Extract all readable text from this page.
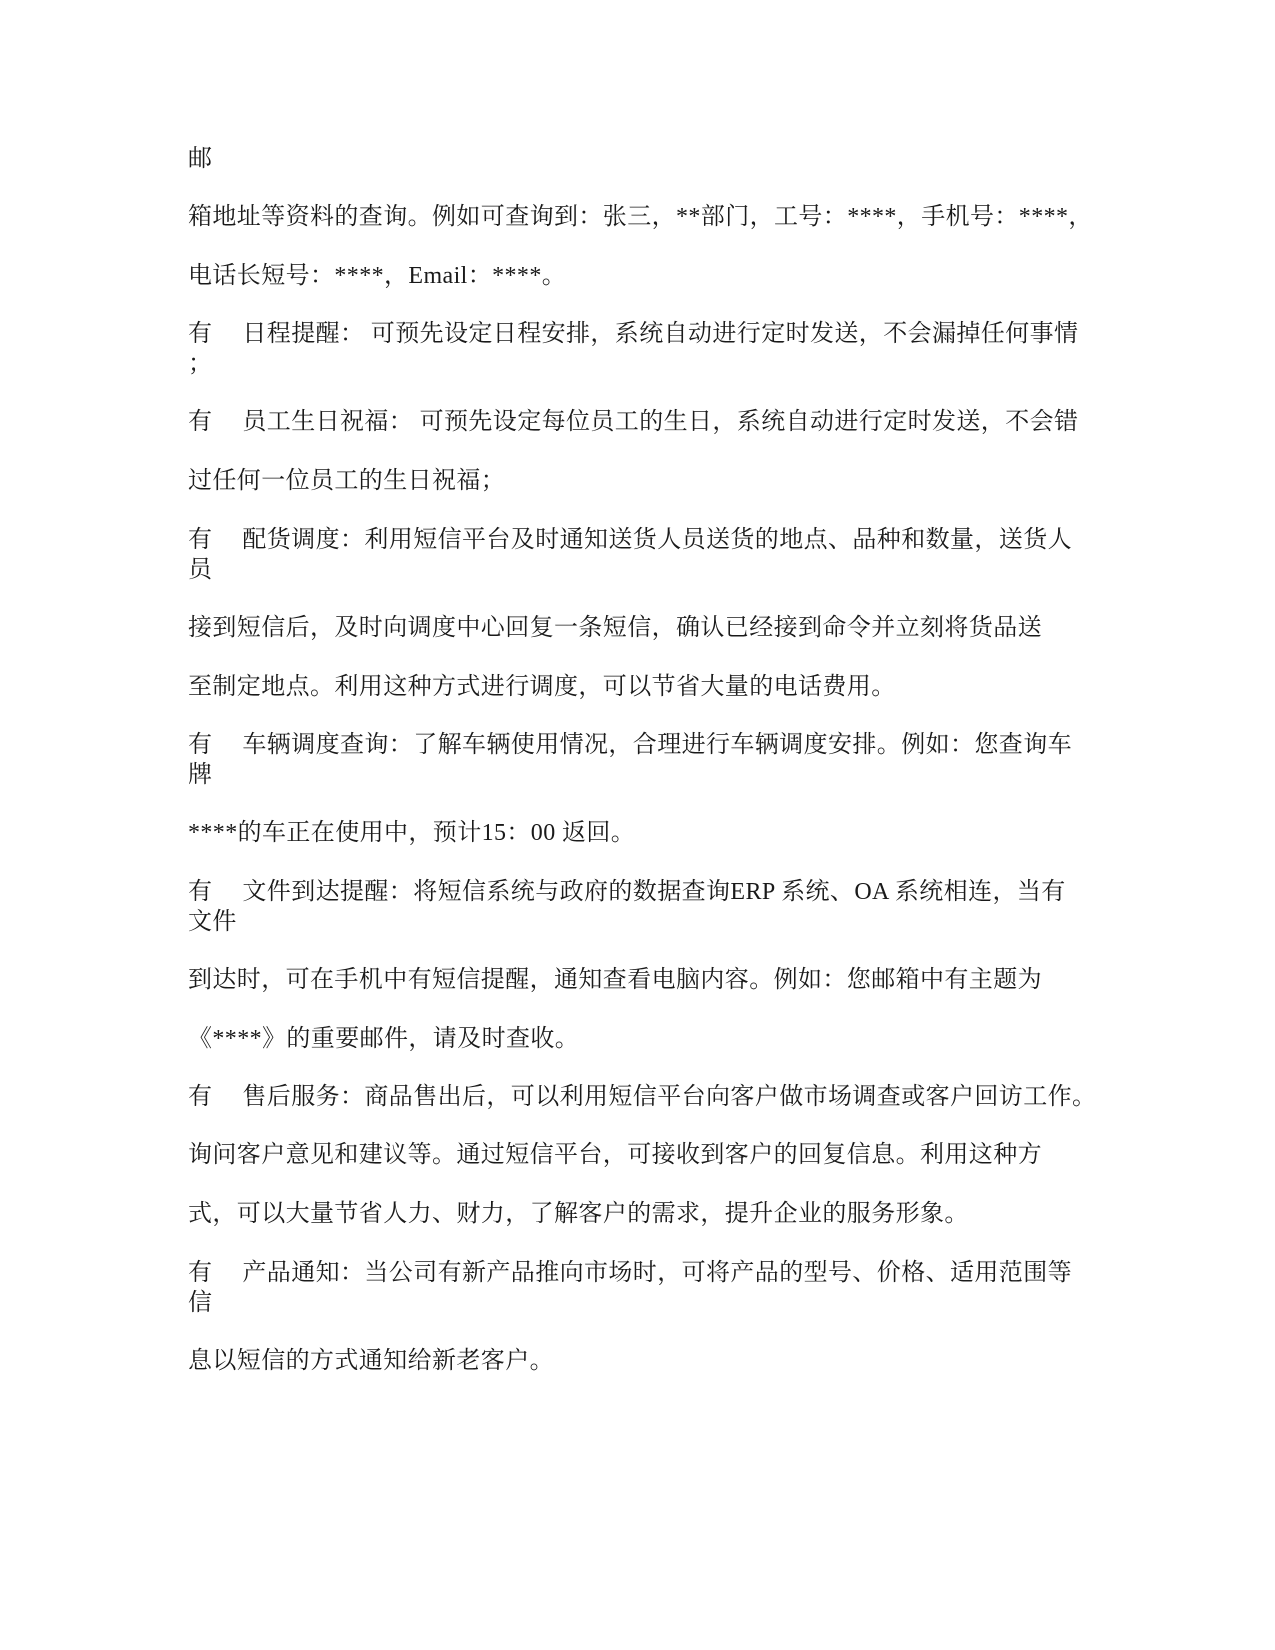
邮
箱地址等资料的查询。例如可查询到：张三，**部门，工号：****，手机号：****，
电话长短号：****，Email：****。
有 日程提醒： 可预先设定日程安排，系统自动进行定时发送，不会漏掉任何事情
；
有 员工生日祝福： 可预先设定每位员工的生日，系统自动进行定时发送，不会错
过任何一位员工的生日祝福；
有 配货调度：利用短信平台及时通知送货人员送货的地点、品种和数量，送货人
员
接到短信后，及时向调度中心回复一条短信，确认已经接到命令并立刻将货品送
至制定地点。利用这种方式进行调度，可以节省大量的电话费用。
有 车辆调度查询：了解车辆使用情况，合理进行车辆调度安排。例如：您查询车
牌
****的车正在使用中，预计15：00 返回。
有 文件到达提醒：将短信系统与政府的数据查询ERP 系统、OA 系统相连，当有
文件
到达时，可在手机中有短信提醒，通知查看电脑内容。例如：您邮箱中有主题为
《****》的重要邮件，请及时查收。
有 售后服务：商品售出后，可以利用短信平台向客户做市场调查或客户回访工作。
询问客户意见和建议等。通过短信平台，可接收到客户的回复信息。利用这种方
式，可以大量节省人力、财力，了解客户的需求，提升企业的服务形象。
有 产品通知：当公司有新产品推向市场时，可将产品的型号、价格、适用范围等
信
息以短信的方式通知给新老客户。
